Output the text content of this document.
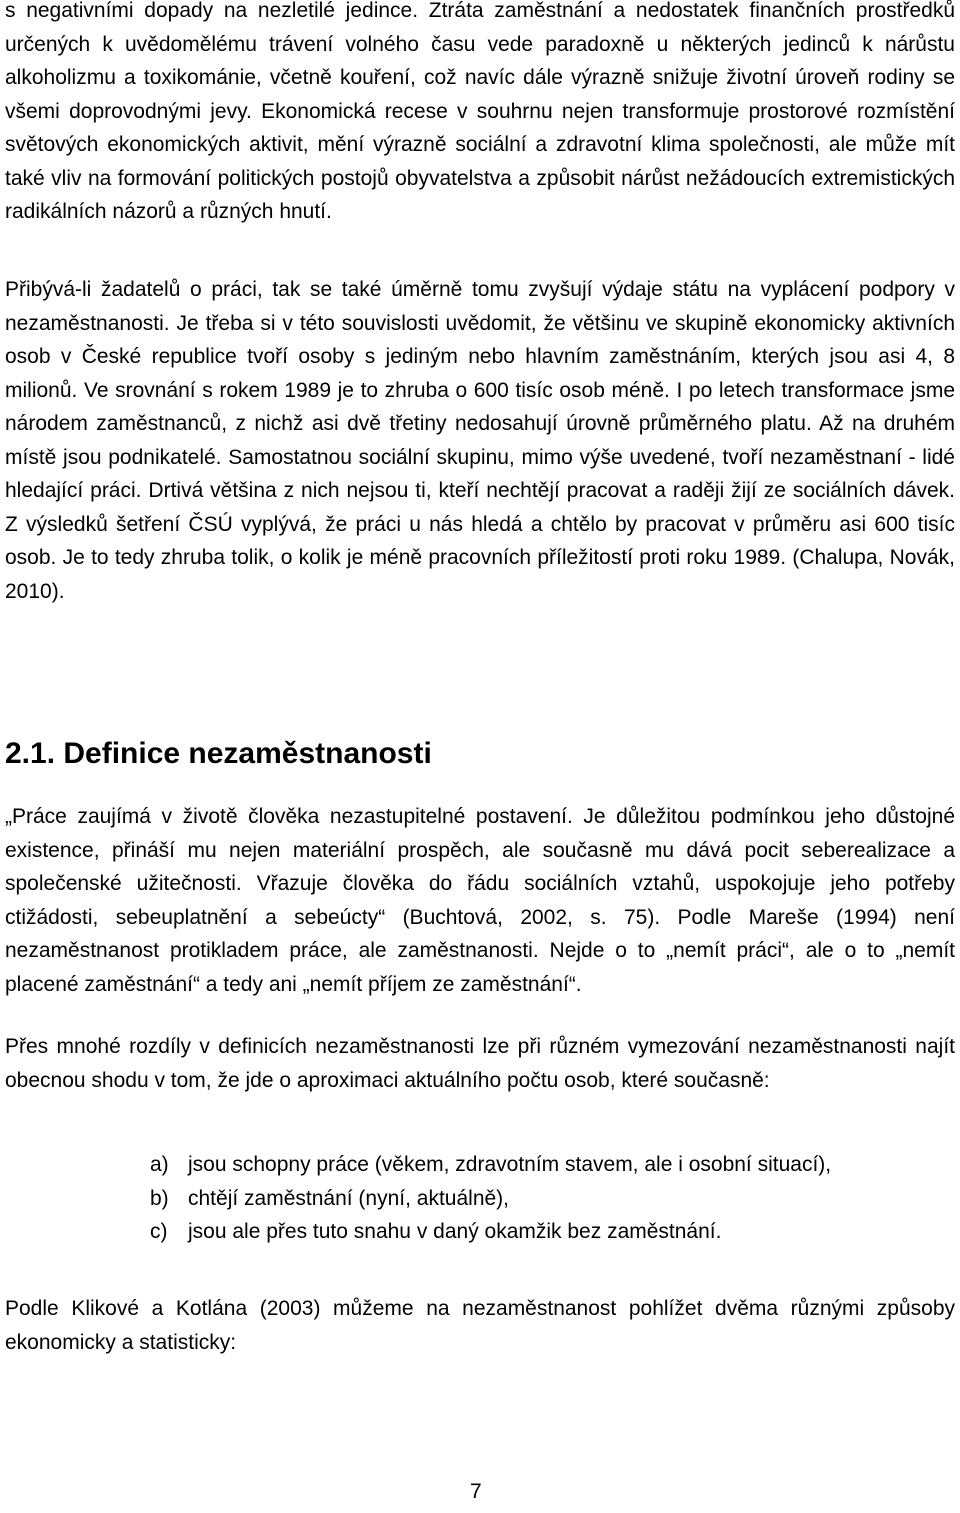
s negativními dopady na nezletilé jedince. Ztráta zaměstnání a nedostatek finančních prostředků určených k uvědomělému trávení volného času vede paradoxně u některých jedinců k nárůstu alkoholizmu a toxikománie, včetně kouření, což navíc dále výrazně snižuje životní úroveň rodiny se všemi doprovodnými jevy. Ekonomická recese v souhrnu nejen transformuje prostorové rozmístění světových ekonomických aktivit, mění výrazně sociální a zdravotní klima společnosti, ale může mít také vliv na formování politických postojů obyvatelstva a způsobit nárůst nežádoucích extremistických radikálních názorů a různých hnutí.

Přibývá-li žadatelů o práci, tak se také úměrně tomu zvyšují výdaje státu na vyplácení podpory v nezaměstnanosti. Je třeba si v této souvislosti uvědomit, že většinu ve skupině ekonomicky aktivních osob v České republice tvoří osoby s jediným nebo hlavním zaměstnáním, kterých jsou asi 4, 8 milionů. Ve srovnání s rokem 1989 je to zhruba o 600 tisíc osob méně. I po letech transformace jsme národem zaměstnanců, z nichž asi dvě třetiny nedosahují úrovně průměrného platu. Až na druhém místě jsou podnikatelé. Samostatnou sociální skupinu, mimo výše uvedené, tvoří nezaměstnaní - lidé hledající práci. Drtivá většina z nich nejsou ti, kteří nechtějí pracovat a raději žijí ze sociálních dávek. Z výsledků šetření ČSÚ vyplývá, že práci u nás hledá a chtělo by pracovat v průměru asi 600 tisíc osob. Je to tedy zhruba tolik, o kolik je méně pracovních příležitostí proti roku 1989. (Chalupa, Novák, 2010).

2.1. Definice nezaměstnanosti

„Práce zaujímá v životě člověka nezastupitelné postavení. Je důležitou podmínkou jeho důstojné existence, přináší mu nejen materiální prospěch, ale současně mu dává pocit seberealizace a společenské užitečnosti. Vřazuje člověka do řádu sociálních vztahů, uspokojuje jeho potřeby ctižádosti, sebeuplatnění a sebeúcty“ (Buchtová, 2002, s. 75). Podle Mareše (1994) není nezaměstnanost protikladem práce, ale zaměstnanosti. Nejde o to „nemít práci“, ale o to „nemít placené zaměstnání“ a tedy ani „nemít příjem ze zaměstnání“.

Přes mnohé rozdíly v definicích nezaměstnanosti lze při různém vymezování nezaměstnanosti najít obecnou shodu v tom, že jde o aproximaci aktuálního počtu osob, které současně:

a) jsou schopny práce (věkem, zdravotním stavem, ale i osobní situací),
b) chtějí zaměstnání (nyní, aktuálně),
c) jsou ale přes tuto snahu v daný okamžik bez zaměstnání.

Podle Klikové a Kotlána (2003) můžeme na nezaměstnanost pohlížet dvěma různými způsoby ekonomicky a statisticky:

7
